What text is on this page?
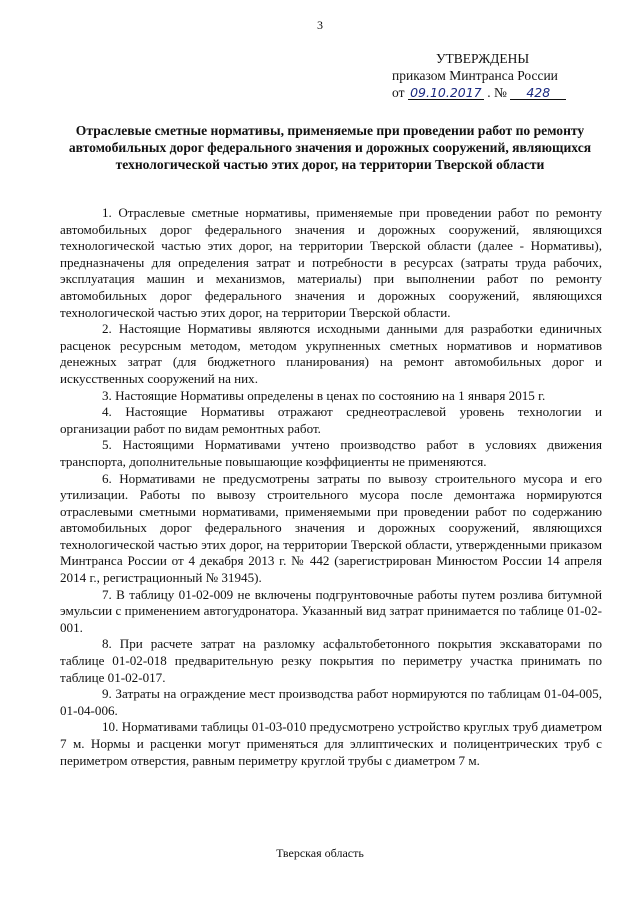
3
УТВЕРЖДЕНЫ
приказом Минтранса России
от 09.10.2017 . № 428
Отраслевые сметные нормативы, применяемые при проведении работ по ремонту автомобильных дорог федерального значения и дорожных сооружений, являющихся технологической частью этих дорог, на территории Тверской области

1. Отраслевые сметные нормативы, применяемые при проведении работ по ремонту автомобильных дорог федерального значения и дорожных сооружений, являющихся технологической частью этих дорог, на территории Тверской области (далее - Нормативы), предназначены для определения затрат и потребности в ресурсах (затраты труда рабочих, эксплуатация машин и механизмов, материалы) при выполнении работ по ремонту автомобильных дорог федерального значения и дорожных сооружений, являющихся технологической частью этих дорог, на территории Тверской области.

2. Настоящие Нормативы являются исходными данными для разработки единичных расценок ресурсным методом, методом укрупненных сметных нормативов и нормативов денежных затрат (для бюджетного планирования) на ремонт автомобильных дорог и искусственных сооружений на них.

3. Настоящие Нормативы определены в ценах по состоянию на 1 января 2015 г.

4. Настоящие Нормативы отражают среднеотраслевой уровень технологии и организации работ по видам ремонтных работ.

5. Настоящими Нормативами учтено производство работ в условиях движения транспорта, дополнительные повышающие коэффициенты не применяются.

6. Нормативами не предусмотрены затраты по вывозу строительного мусора и его утилизации. Работы по вывозу строительного мусора после демонтажа нормируются отраслевыми сметными нормативами, применяемыми при проведении работ по содержанию автомобильных дорог федерального значения и дорожных сооружений, являющихся технологической частью этих дорог, на территории Тверской области, утвержденными приказом Минтранса России от 4 декабря 2013 г. № 442 (зарегистрирован Минюстом России 14 апреля 2014 г., регистрационный № 31945).

7. В таблицу 01-02-009 не включены подгрунтовочные работы путем розлива битумной эмульсии с применением автогудронатора. Указанный вид затрат принимается по таблице 01-02-001.

8. При расчете затрат на разломку асфальтобетонного покрытия экскаваторами по таблице 01-02-018 предварительную резку покрытия по периметру участка принимать по таблице 01-02-017.

9. Затраты на ограждение мест производства работ нормируются по таблицам 01-04-005, 01-04-006.

10. Нормативами таблицы 01-03-010 предусмотрено устройство круглых труб диаметром 7 м. Нормы и расценки могут применяться для эллиптических и полицентрических труб с периметром отверстия, равным периметру круглой трубы с диаметром 7 м.

Тверская область
